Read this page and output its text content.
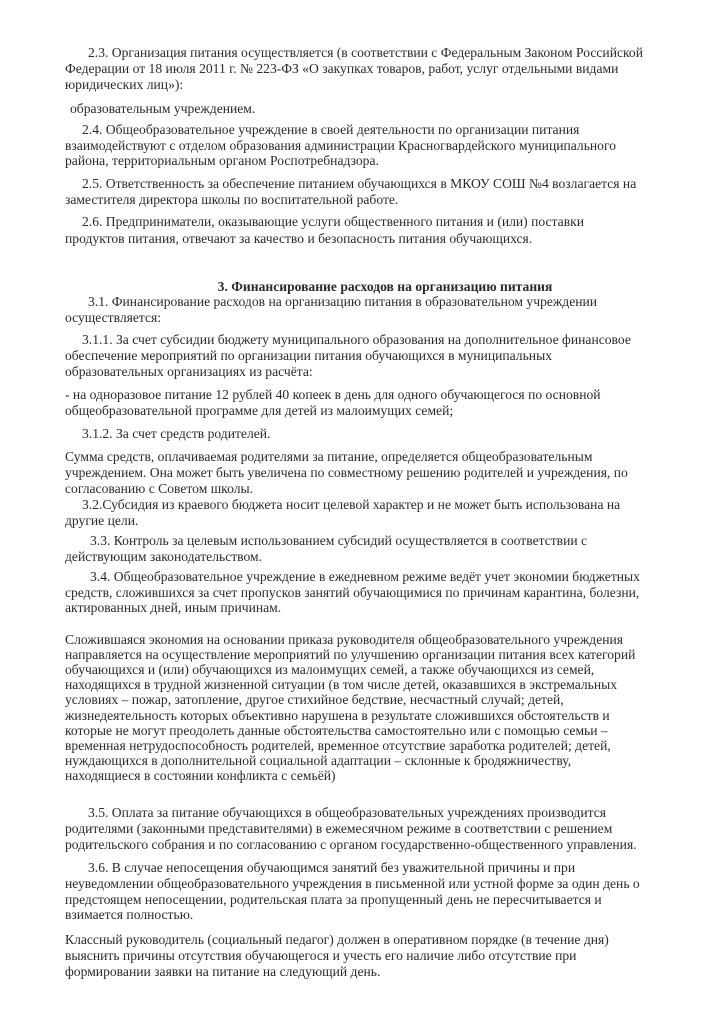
3. Финансирование расходов на организацию питания
2.3. Организация питания осуществляется (в соответствии с Федеральным Законом Российской
Федерации от 18 июля 2011 г. № 223-ФЗ «О закупках товаров, работ, услуг отдельными видами
юридических лиц»):
образовательным учреждением.
2.4. Общеобразовательное учреждение в своей деятельности по организации питания
взаимодействуют с отделом образования администрации Красногвардейского муниципального
района, территориальным органом Роспотребнадзора.
2.5. Ответственность за обеспечение питанием обучающихся в МКОУ СОШ №4 возлагается на
заместителя директора школы по воспитательной работе.
2.6. Предприниматели, оказывающие услуги общественного питания и (или) поставки
продуктов питания, отвечают за качество и безопасность питания обучающихся.
3.1. Финансирование расходов на организацию питания в образовательном учреждении
осуществляется:
3.1.1. За счет субсидии бюджету муниципального образования на дополнительное финансовое
обеспечение мероприятий по организации питания обучающихся в муниципальных
образовательных организациях из расчёта:
- на одноразовое питание 12 рублей 40 копеек в день для одного обучающегося по основной
общеобразовательной программе для детей из малоимущих семей;
3.1.2. За счет средств родителей.
Сумма средств, оплачиваемая родителями за питание, определяется общеобразовательным
учреждением. Она может быть увеличена по совместному решению родителей и учреждения, по
согласованию с Советом школы.
3.2.Субсидия из краевого бюджета носит целевой характер и не может быть использована на
другие цели.
3.3. Контроль за целевым использованием субсидий осуществляется в соответствии с
действующим законодательством.
3.4. Общеобразовательное учреждение в ежедневном режиме ведёт учет экономии бюджетных
средств, сложившихся за счет пропусков занятий обучающимися по причинам карантина, болезни,
актированных дней, иным причинам.
Сложившаяся экономия на основании приказа руководителя общеобразовательного учреждения
направляется на осуществление мероприятий по улучшению организации питания всех категорий
обучающихся и (или) обучающихся из малоимущих семей, а также обучающихся из семей,
находящихся в трудной жизненной ситуации (в том числе детей, оказавшихся в экстремальных
условиях – пожар, затопление, другое стихийное бедствие, несчастный случай; детей,
жизнедеятельность которых объективно нарушена в результате сложившихся обстоятельств и
которые не могут преодолеть данные обстоятельства самостоятельно или с помощью семьи –
временная нетрудоспособность родителей, временное отсутствие заработка родителей; детей,
нуждающихся в дополнительной социальной адаптации – склонные к бродяжничеству,
находящиеся в состоянии конфликта с семьёй)
3.5. Оплата за питание обучающихся в общеобразовательных учреждениях производится
родителями (законными представителями) в ежемесячном режиме в соответствии с решением
родительского собрания и по согласованию с органом государственно-общественного управления.
3.6. В случае непосещения обучающимся занятий без уважительной причины и при
неуведомлении общеобразовательного учреждения в письменной или устной форме за один день о
предстоящем непосещении, родительская плата за пропущенный день не пересчитывается и
взимается полностью.
Классный руководитель (социальный педагог) должен в оперативном порядке (в течение дня)
выяснить причины отсутствия обучающегося и учесть его наличие либо отсутствие при
формировании заявки на питание на следующий день.
